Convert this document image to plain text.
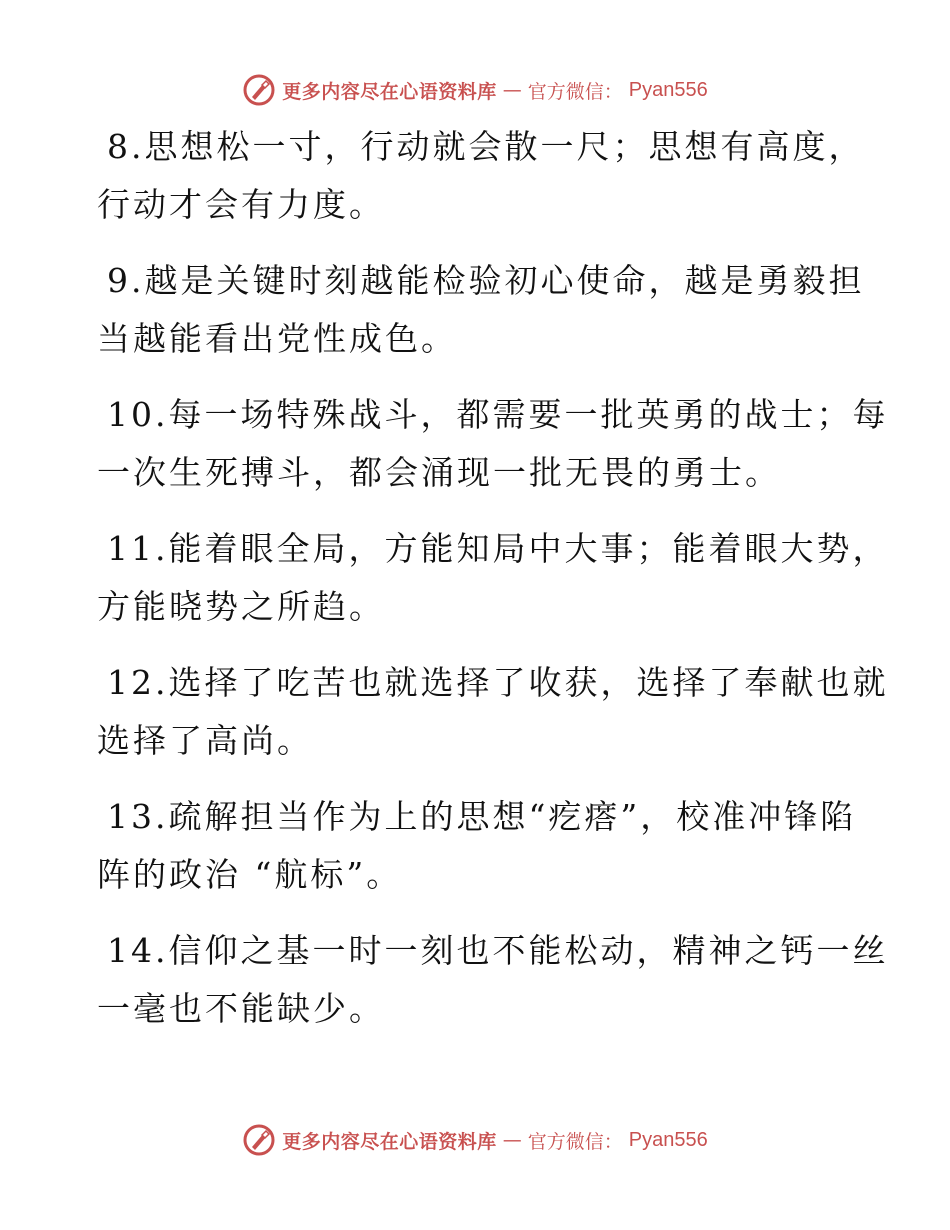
更多内容尽在心语资料库 — 官方微信： Pyan556
8.思想松一寸，行动就会散一尺；思想有高度，
行动才会有力度。
9.越是关键时刻越能检验初心使命，越是勇毅担
当越能看出党性成色。
10.每一场特殊战斗，都需要一批英勇的战士；每
一次生死搏斗，都会涌现一批无畏的勇士。
11.能着眼全局，方能知局中大事；能着眼大势，
方能晓势之所趋。
12.选择了吃苦也就选择了收获，选择了奉献也就
选择了高尚。
13.疏解担当作为上的思想“疙瘩”，校准冲锋陷
阵的政治 “航标”。
14.信仰之基一时一刻也不能松动，精神之钙一丝
一毫也不能缺少。
更多内容尽在心语资料库 — 官方微信： Pyan556
